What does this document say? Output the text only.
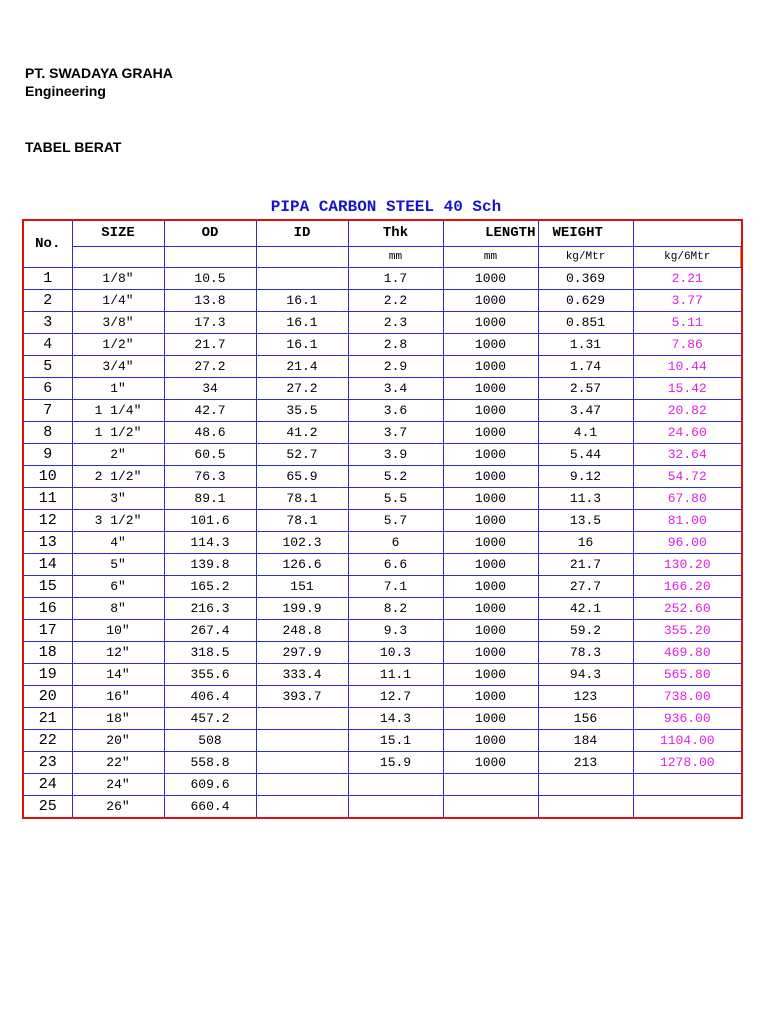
PT. SWADAYA GRAHA
Engineering
TABEL BERAT
PIPA CARBON STEEL 40 Sch
No.	SIZE	OD	ID	Thk	LENGTH	WEIGHT	
				mm	mm	kg/Mtr	kg/6Mtr

1	1/8"	10.5		1.7	1000	0.369	2.21
2	1/4"	13.8	16.1	2.2	1000	0.629	3.77
3	3/8"	17.3	16.1	2.3	1000	0.851	5.11
4	1/2"	21.7	16.1	2.8	1000	1.31	7.86
5	3/4"	27.2	21.4	2.9	1000	1.74	10.44
6	1"	34	27.2	3.4	1000	2.57	15.42
7	1 1/4"	42.7	35.5	3.6	1000	3.47	20.82
8	1 1/2"	48.6	41.2	3.7	1000	4.1	24.60
9	2"	60.5	52.7	3.9	1000	5.44	32.64
10	2 1/2"	76.3	65.9	5.2	1000	9.12	54.72
11	3"	89.1	78.1	5.5	1000	11.3	67.80
12	3 1/2"	101.6	78.1	5.7	1000	13.5	81.00
13	4"	114.3	102.3	6	1000	16	96.00
14	5"	139.8	126.6	6.6	1000	21.7	130.20
15	6"	165.2	151	7.1	1000	27.7	166.20
16	8"	216.3	199.9	8.2	1000	42.1	252.60
17	10"	267.4	248.8	9.3	1000	59.2	355.20
18	12"	318.5	297.9	10.3	1000	78.3	469.80
19	14"	355.6	333.4	11.1	1000	94.3	565.80
20	16"	406.4	393.7	12.7	1000	123	738.00
21	18"	457.2		14.3	1000	156	936.00
22	20"	508		15.1	1000	184	1104.00
23	22"	558.8		15.9	1000	213	1278.00
24	24"	609.6					
25	26"	660.4					
